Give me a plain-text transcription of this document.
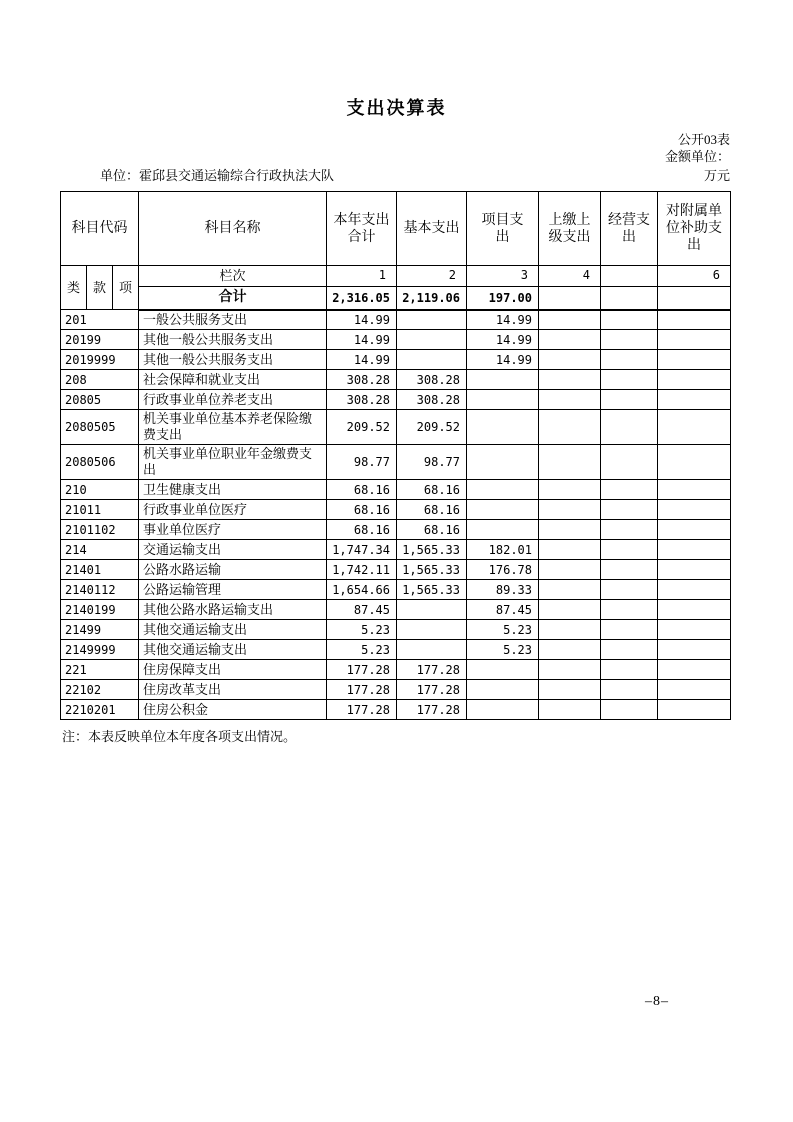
支出决算表
公开03表
金额单位：
单位：霍邱县交通运输综合行政执法大队	万元
科目代码	科目名称	本年支出合计	基本支出	项目支出	上缴上级支出	经营支出	对附属单位补助支出

类 款 项	栏次	1	2	3	4		6
	合计	2,316.05	2,119.06	197.00			
201	一般公共服务支出	14.99		14.99			
20199	其他一般公共服务支出	14.99		14.99			
2019999	其他一般公共服务支出	14.99		14.99			
208	社会保障和就业支出	308.28	308.28				
20805	行政事业单位养老支出	308.28	308.28				
2080505	机关事业单位基本养老保险缴费支出	209.52	209.52				
2080506	机关事业单位职业年金缴费支出	98.77	98.77				
210	卫生健康支出	68.16	68.16				
21011	行政事业单位医疗	68.16	68.16				
2101102	事业单位医疗	68.16	68.16				
214	交通运输支出	1,747.34	1,565.33	182.01			
21401	公路水路运输	1,742.11	1,565.33	176.78			
2140112	公路运输管理	1,654.66	1,565.33	89.33			
2140199	其他公路水路运输支出	87.45		87.45			
21499	其他交通运输支出	5.23		5.23			
2149999	其他交通运输支出	5.23		5.23			
221	住房保障支出	177.28	177.28				
22102	住房改革支出	177.28	177.28				
2210201	住房公积金	177.28	177.28				
注：本表反映单位本年度各项支出情况。
–8–
